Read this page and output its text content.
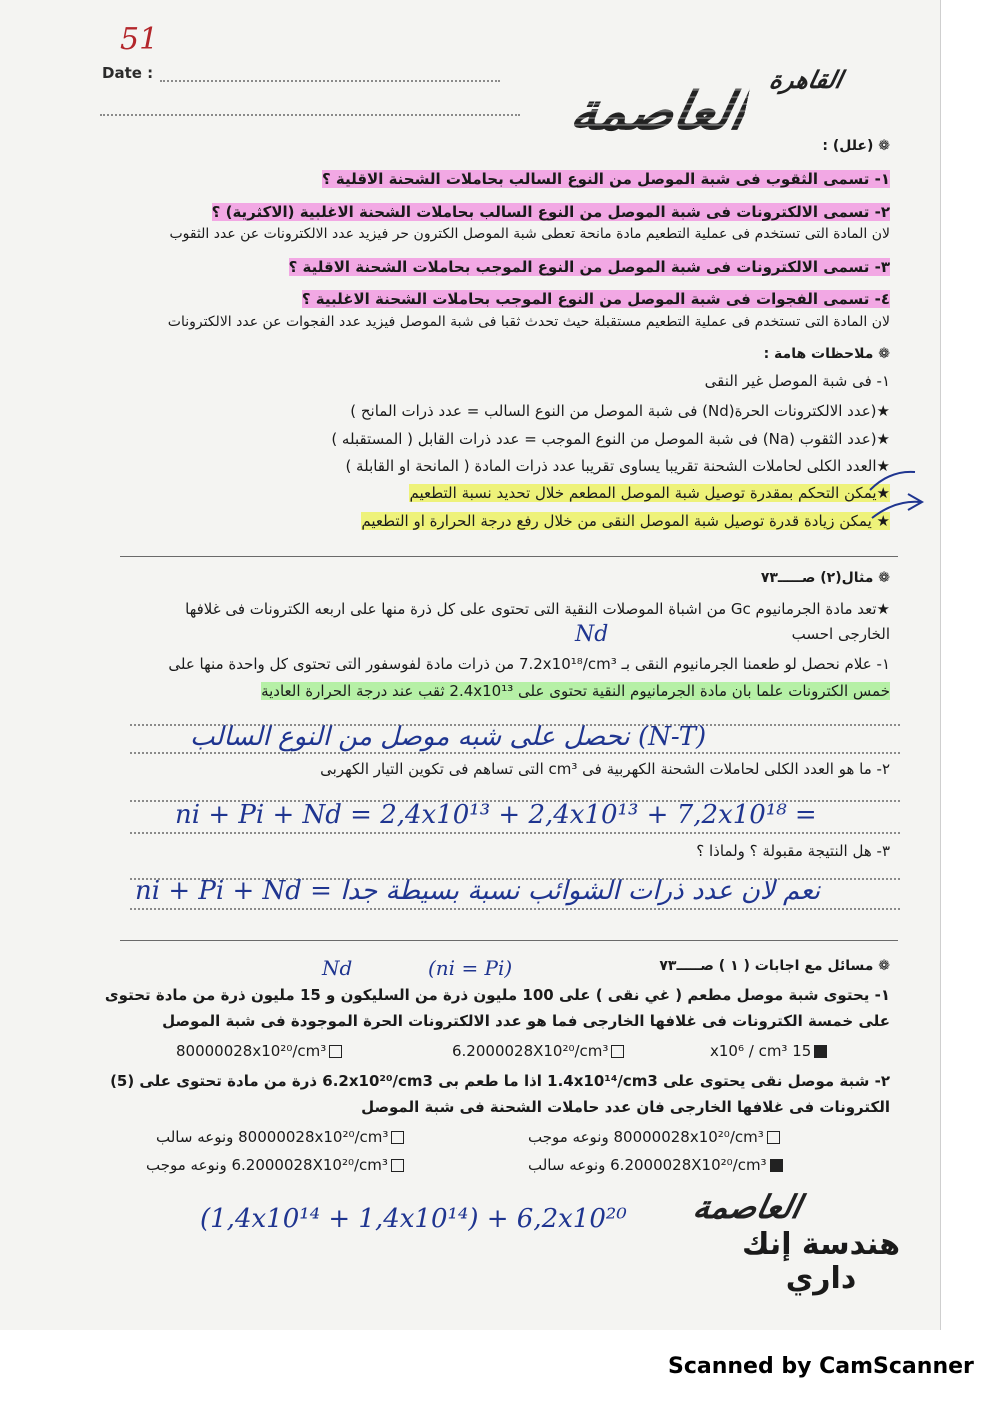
51
Date :	القاهرة
العاصمة
❁ (علل) :
١- تسمى الثقوب فى شبة الموصل من النوع السالب بحاملات الشحنة الاقلية ؟
٢- تسمى الالكترونات فى شبة الموصل من النوع السالب بحاملات الشحنة الاغلبية (الاكثرية) ؟
لان المادة التى تستخدم فى عملية التطعيم مادة مانحة تعطى شبة الموصل الكترون حر فيزيد عدد الالكترونات عن عدد الثقوب
٣- تسمى الالكترونات فى شبة الموصل من النوع الموجب بحاملات الشحنة الاقلية ؟
٤- تسمى الفجوات فى شبة الموصل من النوع الموجب بحاملات الشحنة الاغلبية ؟
لان المادة التى تستخدم فى عملية التطعيم مستقبلة حيث تحدث ثقبا فى شبة الموصل فيزيد عدد الفجوات عن عدد الالكترونات
❁ ملاحظات هامة :
١- فى شبة الموصل غير النقى
★(عدد الالكترونات الحرة(Nd) فى شبة الموصل من النوع السالب = عدد ذرات المانح )
★(عدد الثقوب (Na) فى شبة الموصل من النوع الموجب = عدد ذرات القابل ( المستقبله )
★العدد الكلى لحاملات الشحنة تقريبا يساوى تقريبا عدد ذرات المادة ( المانحة او القابلة )
★يمكن التحكم بمقدرة توصيل شبة الموصل المطعم خلال تحديد نسبة التطعيم
★ يمكن زيادة قدرة توصيل شبة الموصل النقى من خلال رفع درجة الحرارة او التطعيم
❁ مثال(٢) صـــــ٧٣
★تعد مادة الجرمانيوم Gc من اشباة الموصلات النقية التى تحتوى على كل ذرة منها على اربعه الكترونات فى غلافها
الخارجى احسب
Nd
١- علام نحصل لو طعمنا الجرمانيوم النقى بـ 7.2x10¹⁸/cm³ من ذرات مادة لفوسفور التى تحتوى كل واحدة منها على
خمس الكترونات علما بان مادة الجرمانيوم النقية تحتوى على 2.4x10¹³ ثقب عند درجة الحرارة العادية
نحصل على شبه موصل من النوع السالب (N-T)
٢- ما هو العدد الكلى لحاملات الشحنة الكهربية فى cm³ التى تساهم فى تكوين التيار الكهربى
ni + Pi + Nd = 2,4x10¹³ + 2,4x10¹³ + 7,2x10¹⁸ =
٣- هل النتيجة مقبولة ؟ ولماذا ؟
ni + Pi + Nd = نعم لان عدد ذرات الشوائب نسبة بسيطة جدا
Nd	(ni = Pi)	❁ مسائل مع اجابات ( ١ ) صـــــ٧٣
١- يحتوى شبة موصل مطعم ( غي نقى ) على 100 مليون ذرة من السليكون و 15 مليون ذرة من مادة تحتوى
على خمسة الكترونات فى غلافها الخارجى فما هو عدد الالكترونات الحرة الموجودة فى شبة الموصل
80000028x10²⁰/cm³	6.2000028X10²⁰/cm³	15 x10⁶ / cm³
٢- شبة موصل نقى يحتوى على 1.4x10¹⁴/cm3 اذا ما طعم بى 6.2x10²⁰/cm3 ذرة من مادة تحتوى على (5)
الكترونات فى غلافها الخارجى فان عدد حاملات الشحنة فى شبة الموصل
80000028x10²⁰/cm³ ونوعه سالب	80000028x10²⁰/cm³ ونوعه موجب
6.2000028X10²⁰/cm³ ونوعه موجب	6.2000028X10²⁰/cm³ ونوعه سالب
(1,4x10¹⁴ + 1,4x10¹⁴) + 6,2x10²⁰ العاصمة
هندسة إنك
داري
Scanned by CamScanner
